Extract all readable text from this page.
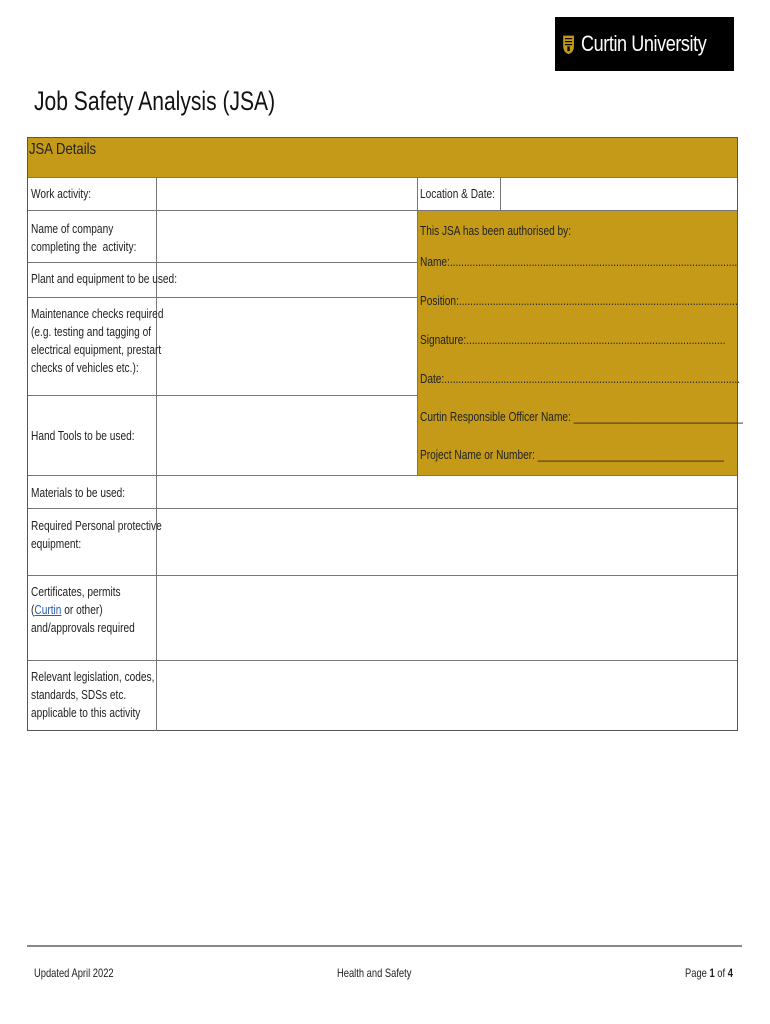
Curtin University
Job Safety Analysis (JSA)
JSA Details
Work activity:	Location & Date:
Name of company
completing the  activity:
Plant and equipment to be used:
Maintenance checks required
(e.g. testing and tagging of
electrical equipment, prestart
checks of vehicles etc.):
Hand Tools to be used:
Materials to be used:
Required Personal protective
equipment:
Certificates, permits
(Curtin or other)
and/approvals required
Relevant legislation, codes,
standards, SDSs etc.
applicable to this activity
This JSA has been authorised by:
Name:......................................................................................................
Position:...................................................................................................
Signature:............................................................................................
Date:.........................................................................................................
Curtin Responsible Officer Name: ______________________________
Project Name or Number: _________________________________
Updated April 2022	Health and Safety	Page 1 of 4
